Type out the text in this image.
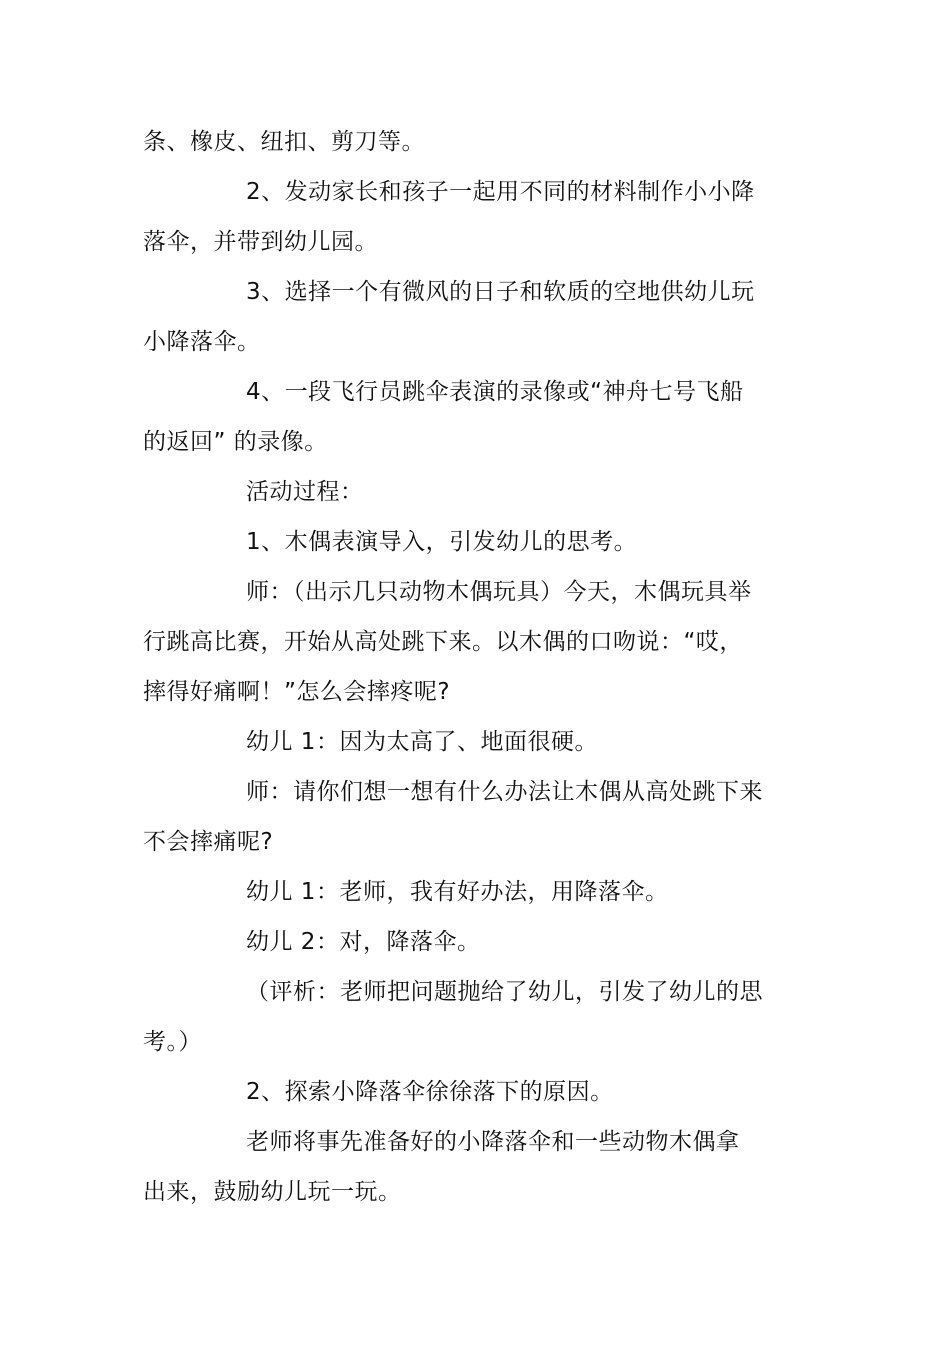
条、橡皮、纽扣、剪刀等。
2、发动家长和孩子一起用不同的材料制作小小降
落伞，并带到幼儿园。
3、选择一个有微风的日子和软质的空地供幼儿玩
小降落伞。
4、一段飞行员跳伞表演的录像或“神舟七号飞船
的返回” 的录像。
活动过程：
1、木偶表演导入，引发幼儿的思考。
师：（出示几只动物木偶玩具）今天，木偶玩具举
行跳高比赛，开始从高处跳下来。以木偶的口吻说：“哎，
摔得好痛啊！”怎么会摔疼呢?
幼儿 1：因为太高了、地面很硬。
师：请你们想一想有什么办法让木偶从高处跳下来
不会摔痛呢?
幼儿 1：老师，我有好办法，用降落伞。
幼儿 2：对，降落伞。
（评析：老师把问题抛给了幼儿，引发了幼儿的思
考。）
2、探索小降落伞徐徐落下的原因。
老师将事先准备好的小降落伞和一些动物木偶拿
出来，鼓励幼儿玩一玩。
